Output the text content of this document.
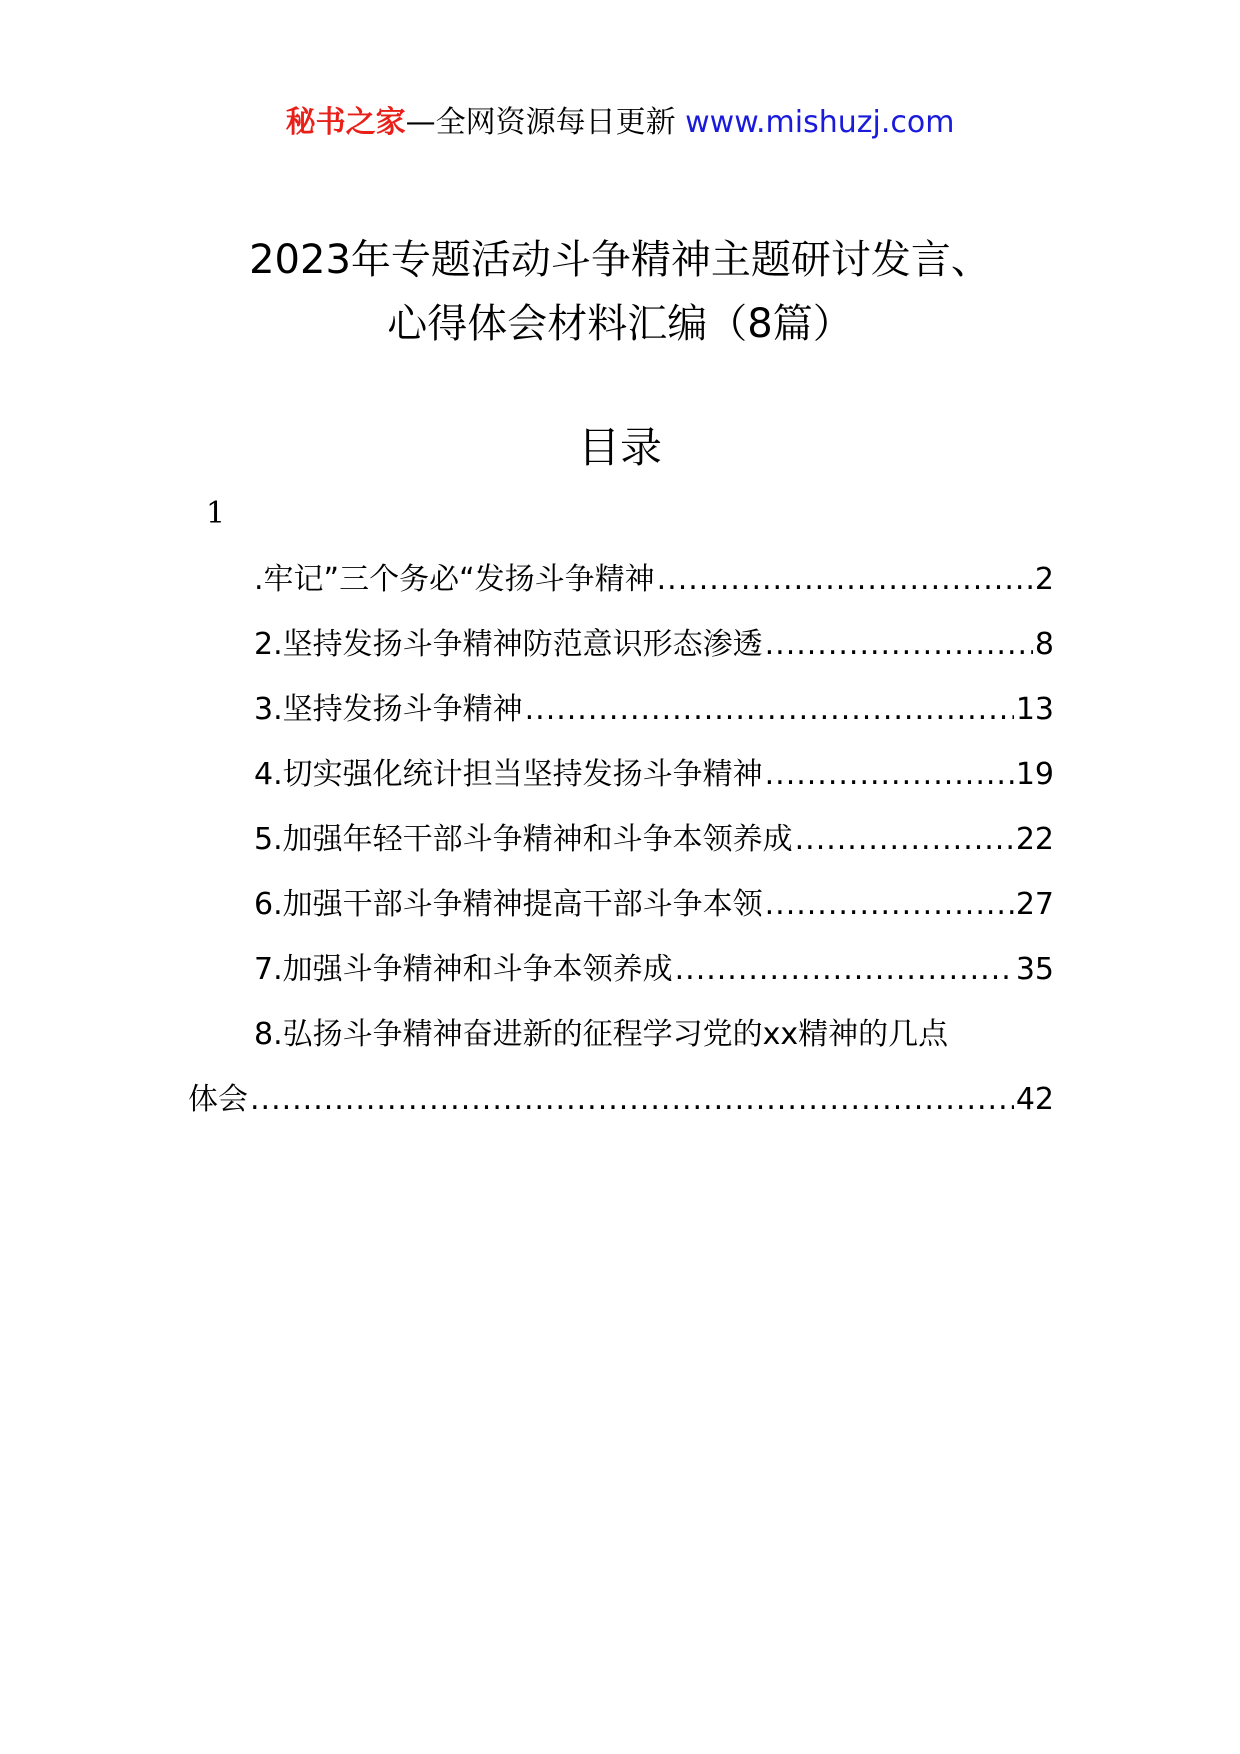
秘书之家—全网资源每日更新 www.mishuzj.com
2023年专题活动斗争精神主题研讨发言、
心得体会材料汇编（8篇）
目录
1
.牢记”三个务必“发扬斗争精神 .....	2
2.坚持发扬斗争精神防范意识形态渗透 .....	8
3.坚持发扬斗争精神 .....	13
4.切实强化统计担当坚持发扬斗争精神 .....	19
5.加强年轻干部斗争精神和斗争本领养成 .....	22
6.加强干部斗争精神提高干部斗争本领 .....	27
7.加强斗争精神和斗争本领养成 .....	35
8.弘扬斗争精神奋进新的征程学习党的xx精神的几点
体会 .....	42
